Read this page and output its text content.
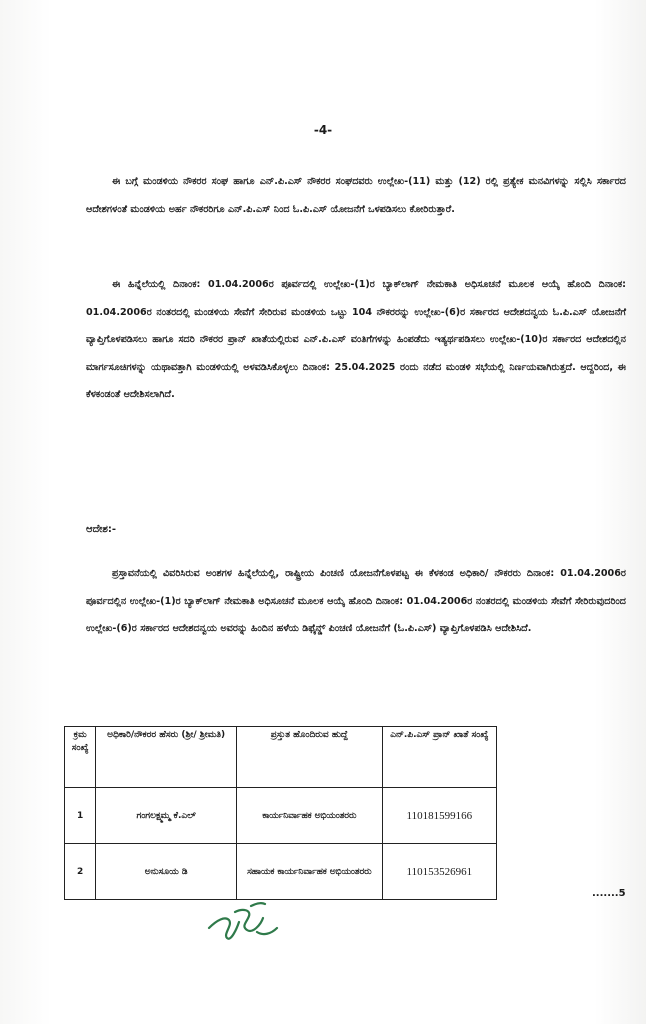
-4-

ಈ ಬಗ್ಗೆ ಮಂಡಳಿಯ ನೌಕರರ ಸಂಘ ಹಾಗೂ ಎನ್.ಪಿ.ಎಸ್ ನೌಕರರ ಸಂಘದವರು ಉಲ್ಲೇಖ-(11) ಮತ್ತು (12) ರಲ್ಲಿ ಪ್ರತ್ಯೇಕ ಮನವಿಗಳನ್ನು ಸಲ್ಲಿಸಿ ಸರ್ಕಾರದ ಆದೇಶಗಳಂತೆ ಮಂಡಳಿಯ ಅರ್ಹ ನೌಕರರಿಗೂ ಎನ್.ಪಿ.ಎಸ್ ನಿಂದ ಓ.ಪಿ.ಎಸ್ ಯೋಜನೆಗೆ ಒಳಪಡಿಸಲು ಕೋರಿರುತ್ತಾರೆ.

ಈ ಹಿನ್ನೆಲೆಯಲ್ಲಿ ದಿನಾಂಕ: 01.04.2006ರ ಪೂರ್ವದಲ್ಲಿ ಉಲ್ಲೇಖ-(1)ರ ಬ್ಯಾಕ್‌ಲಾಗ್ ನೇಮಕಾತಿ ಅಧಿಸೂಚನೆ ಮೂಲಕ ಆಯ್ಕೆ ಹೊಂದಿ ದಿನಾಂಕ: 01.04.2006ರ ನಂತರದಲ್ಲಿ ಮಂಡಳಿಯ ಸೇವೆಗೆ ಸೇರಿರುವ ಮಂಡಳಿಯ ಒಟ್ಟು 104 ನೌಕರರನ್ನು ಉಲ್ಲೇಖ-(6)ರ ಸರ್ಕಾರದ ಆದೇಶದನ್ವಯ ಓ.ಪಿ.ಎಸ್ ಯೋಜನೆಗೆ ವ್ಯಾಪ್ತಿಗೊಳಪಡಿಸಲು ಹಾಗೂ ಸದರಿ ನೌಕರರ ಪ್ರಾನ್ ಖಾತೆಯಲ್ಲಿರುವ ಎನ್.ಪಿ.ಎಸ್ ವಂತಿಗೆಗಳನ್ನು ಹಿಂಪಡೆದು ಇತ್ಯರ್ಥಪಡಿಸಲು ಉಲ್ಲೇಖ-(10)ರ ಸರ್ಕಾರದ ಆದೇಶದಲ್ಲಿನ ಮಾರ್ಗಸೂಚಿಗಳನ್ನು ಯಥಾವತ್ತಾಗಿ ಮಂಡಳಿಯಲ್ಲಿ ಅಳವಡಿಸಿಕೊಳ್ಳಲು ದಿನಾಂಕ: 25.04.2025 ರಂದು ನಡೆದ ಮಂಡಳಿ ಸಭೆಯಲ್ಲಿ ನಿರ್ಣಯವಾಗಿರುತ್ತದೆ. ಆದ್ದರಿಂದ, ಈ ಕೆಳಕಂಡಂತೆ ಆದೇಶಿಸಲಾಗಿದೆ.

ಆದೇಶ:-

ಪ್ರಸ್ತಾವನೆಯಲ್ಲಿ ವಿವರಿಸಿರುವ ಅಂಶಗಳ ಹಿನ್ನೆಲೆಯಲ್ಲಿ, ರಾಷ್ಟ್ರೀಯ ಪಿಂಚಣಿ ಯೋಜನೆಗೊಳಪಟ್ಟ ಈ ಕೆಳಕಂಡ ಅಧಿಕಾರಿ/ ನೌಕರರು ದಿನಾಂಕ: 01.04.2006ರ ಪೂರ್ವದಲ್ಲಿನ ಉಲ್ಲೇಖ-(1)ರ ಬ್ಯಾಕ್‌ಲಾಗ್ ನೇಮಕಾತಿ ಅಧಿಸೂಚನೆ ಮೂಲಕ ಆಯ್ಕೆ ಹೊಂದಿ ದಿನಾಂಕ: 01.04.2006ರ ನಂತರದಲ್ಲಿ ಮಂಡಳಿಯ ಸೇವೆಗೆ ಸೇರಿರುವುದರಿಂದ ಉಲ್ಲೇಖ-(6)ರ ಸರ್ಕಾರದ ಆದೇಶದನ್ವಯ ಅವರನ್ನು ಹಿಂದಿನ ಹಳೆಯ ಡಿಫೈನ್ಡ್ ಪಿಂಚಣಿ ಯೋಜನೆಗೆ (ಓ.ಪಿ.ಎಸ್) ವ್ಯಾಪ್ತಿಗೊಳಪಡಿಸಿ ಆದೇಶಿಸಿದೆ.

ಕ್ರಮ ಸಂಖ್ಯೆ	ಅಧಿಕಾರಿ/ನೌಕರರ ಹೆಸರು (ಶ್ರೀ/ ಶ್ರೀಮತಿ)	ಪ್ರಸ್ತುತ ಹೊಂದಿರುವ ಹುದ್ದೆ	ಎನ್.ಪಿ.ಎಸ್ ಪ್ರಾನ್ ಖಾತೆ ಸಂಖ್ಯೆ
1	ಗಂಗಲಕ್ಷ್ಮಮ್ಮ ಕೆ.ಎಲ್	ಕಾರ್ಯನಿರ್ವಾಹಕ ಅಭಿಯಂತರರು	110181599166
2	ಅನುಸೂಯ ಡಿ	ಸಹಾಯಕ ಕಾರ್ಯನಿರ್ವಾಹಕ ಅಭಿಯಂತರರು	110153526961
.......5
